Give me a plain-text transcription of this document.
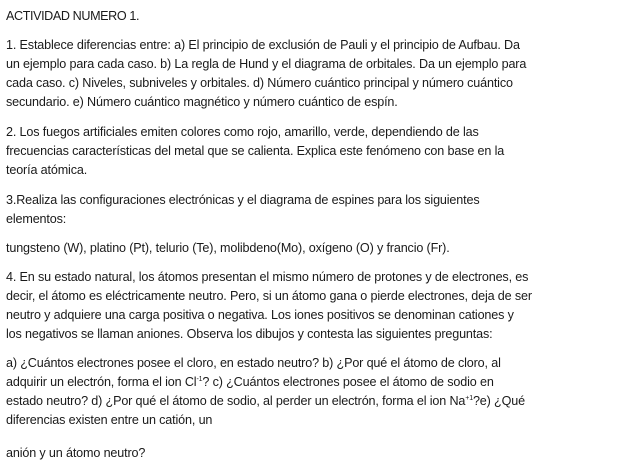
ACTIVIDAD NUMERO 1.
1. Establece diferencias entre: a) El principio de exclusión de Pauli y el principio de Aufbau. Da
un ejemplo para cada caso. b) La regla de Hund y el diagrama de orbitales. Da un ejemplo para
cada caso. c) Niveles, subniveles y orbitales. d) Número cuántico principal y número cuántico
secundario. e) Número cuántico magnético y número cuántico de espín.
2. Los fuegos artificiales emiten colores como rojo, amarillo, verde, dependiendo de las
frecuencias características del metal que se calienta. Explica este fenómeno con base en la
teoría atómica.
3.Realiza las configuraciones electrónicas y el diagrama de espines para los siguientes
elementos:
tungsteno (W), platino (Pt), telurio (Te), molibdeno(Mo), oxígeno (O) y francio (Fr).
4. En su estado natural, los átomos presentan el mismo número de protones y de electrones, es
decir, el átomo es eléctricamente neutro. Pero, si un átomo gana o pierde electrones, deja de ser
neutro y adquiere una carga positiva o negativa. Los iones positivos se denominan cationes y
los negativos se llaman aniones. Observa los dibujos y contesta las siguientes preguntas:
a) ¿Cuántos electrones posee el cloro, en estado neutro? b) ¿Por qué el átomo de cloro, al
adquirir un electrón, forma el ion $Cl^{-1}$? c) ¿Cuántos electrones posee el átomo de sodio en
estado neutro? d) ¿Por qué el átomo de sodio, al perder un electrón, forma el ion $Na^{+1}?e$) ¿Qué
diferencias existen entre un catión, un
anión y un átomo neutro?
